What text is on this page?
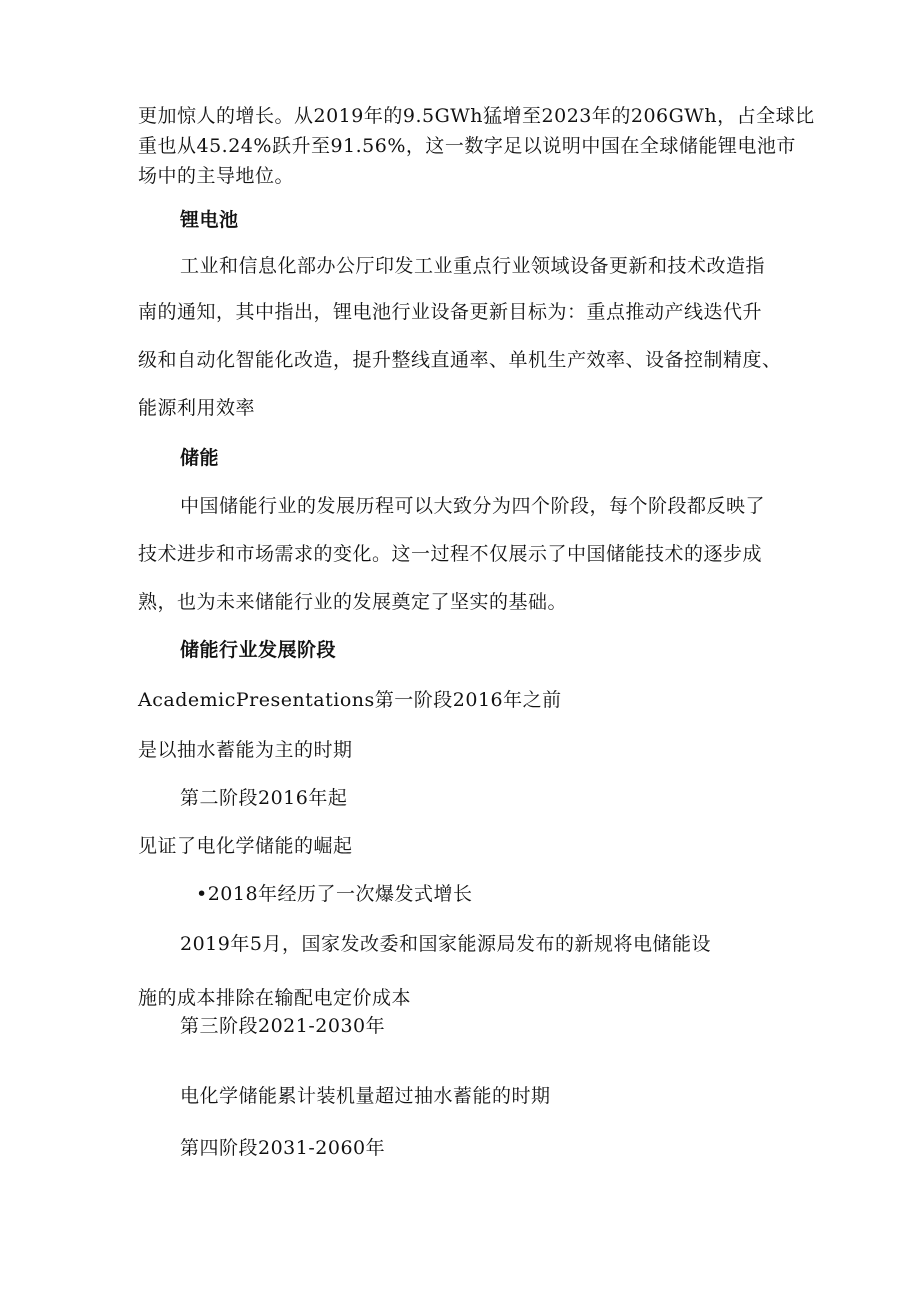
更加惊人的增长。从2019年的9.5GWh猛增至2023年的206GWh，占全球比
重也从45.24%跃升至91.56%，这一数字足以说明中国在全球储能锂电池市
场中的主导地位。
锂电池
工业和信息化部办公厅印发工业重点行业领域设备更新和技术改造指
南的通知，其中指出，锂电池行业设备更新目标为：重点推动产线迭代升
级和自动化智能化改造，提升整线直通率、单机生产效率、设备控制精度、
能源利用效率
储能
中国储能行业的发展历程可以大致分为四个阶段，每个阶段都反映了
技术进步和市场需求的变化。这一过程不仅展示了中国储能技术的逐步成
熟，也为未来储能行业的发展奠定了坚实的基础。
储能行业发展阶段
AcademicPresentations第一阶段2016年之前
是以抽水蓄能为主的时期
第二阶段2016年起
见证了电化学储能的崛起
•2018年经历了一次爆发式增长
2019年5月，国家发改委和国家能源局发布的新规将电储能设
施的成本排除在输配电定价成本
第三阶段2021-2030年
电化学储能累计装机量超过抽水蓄能的时期
第四阶段2031-2060年
